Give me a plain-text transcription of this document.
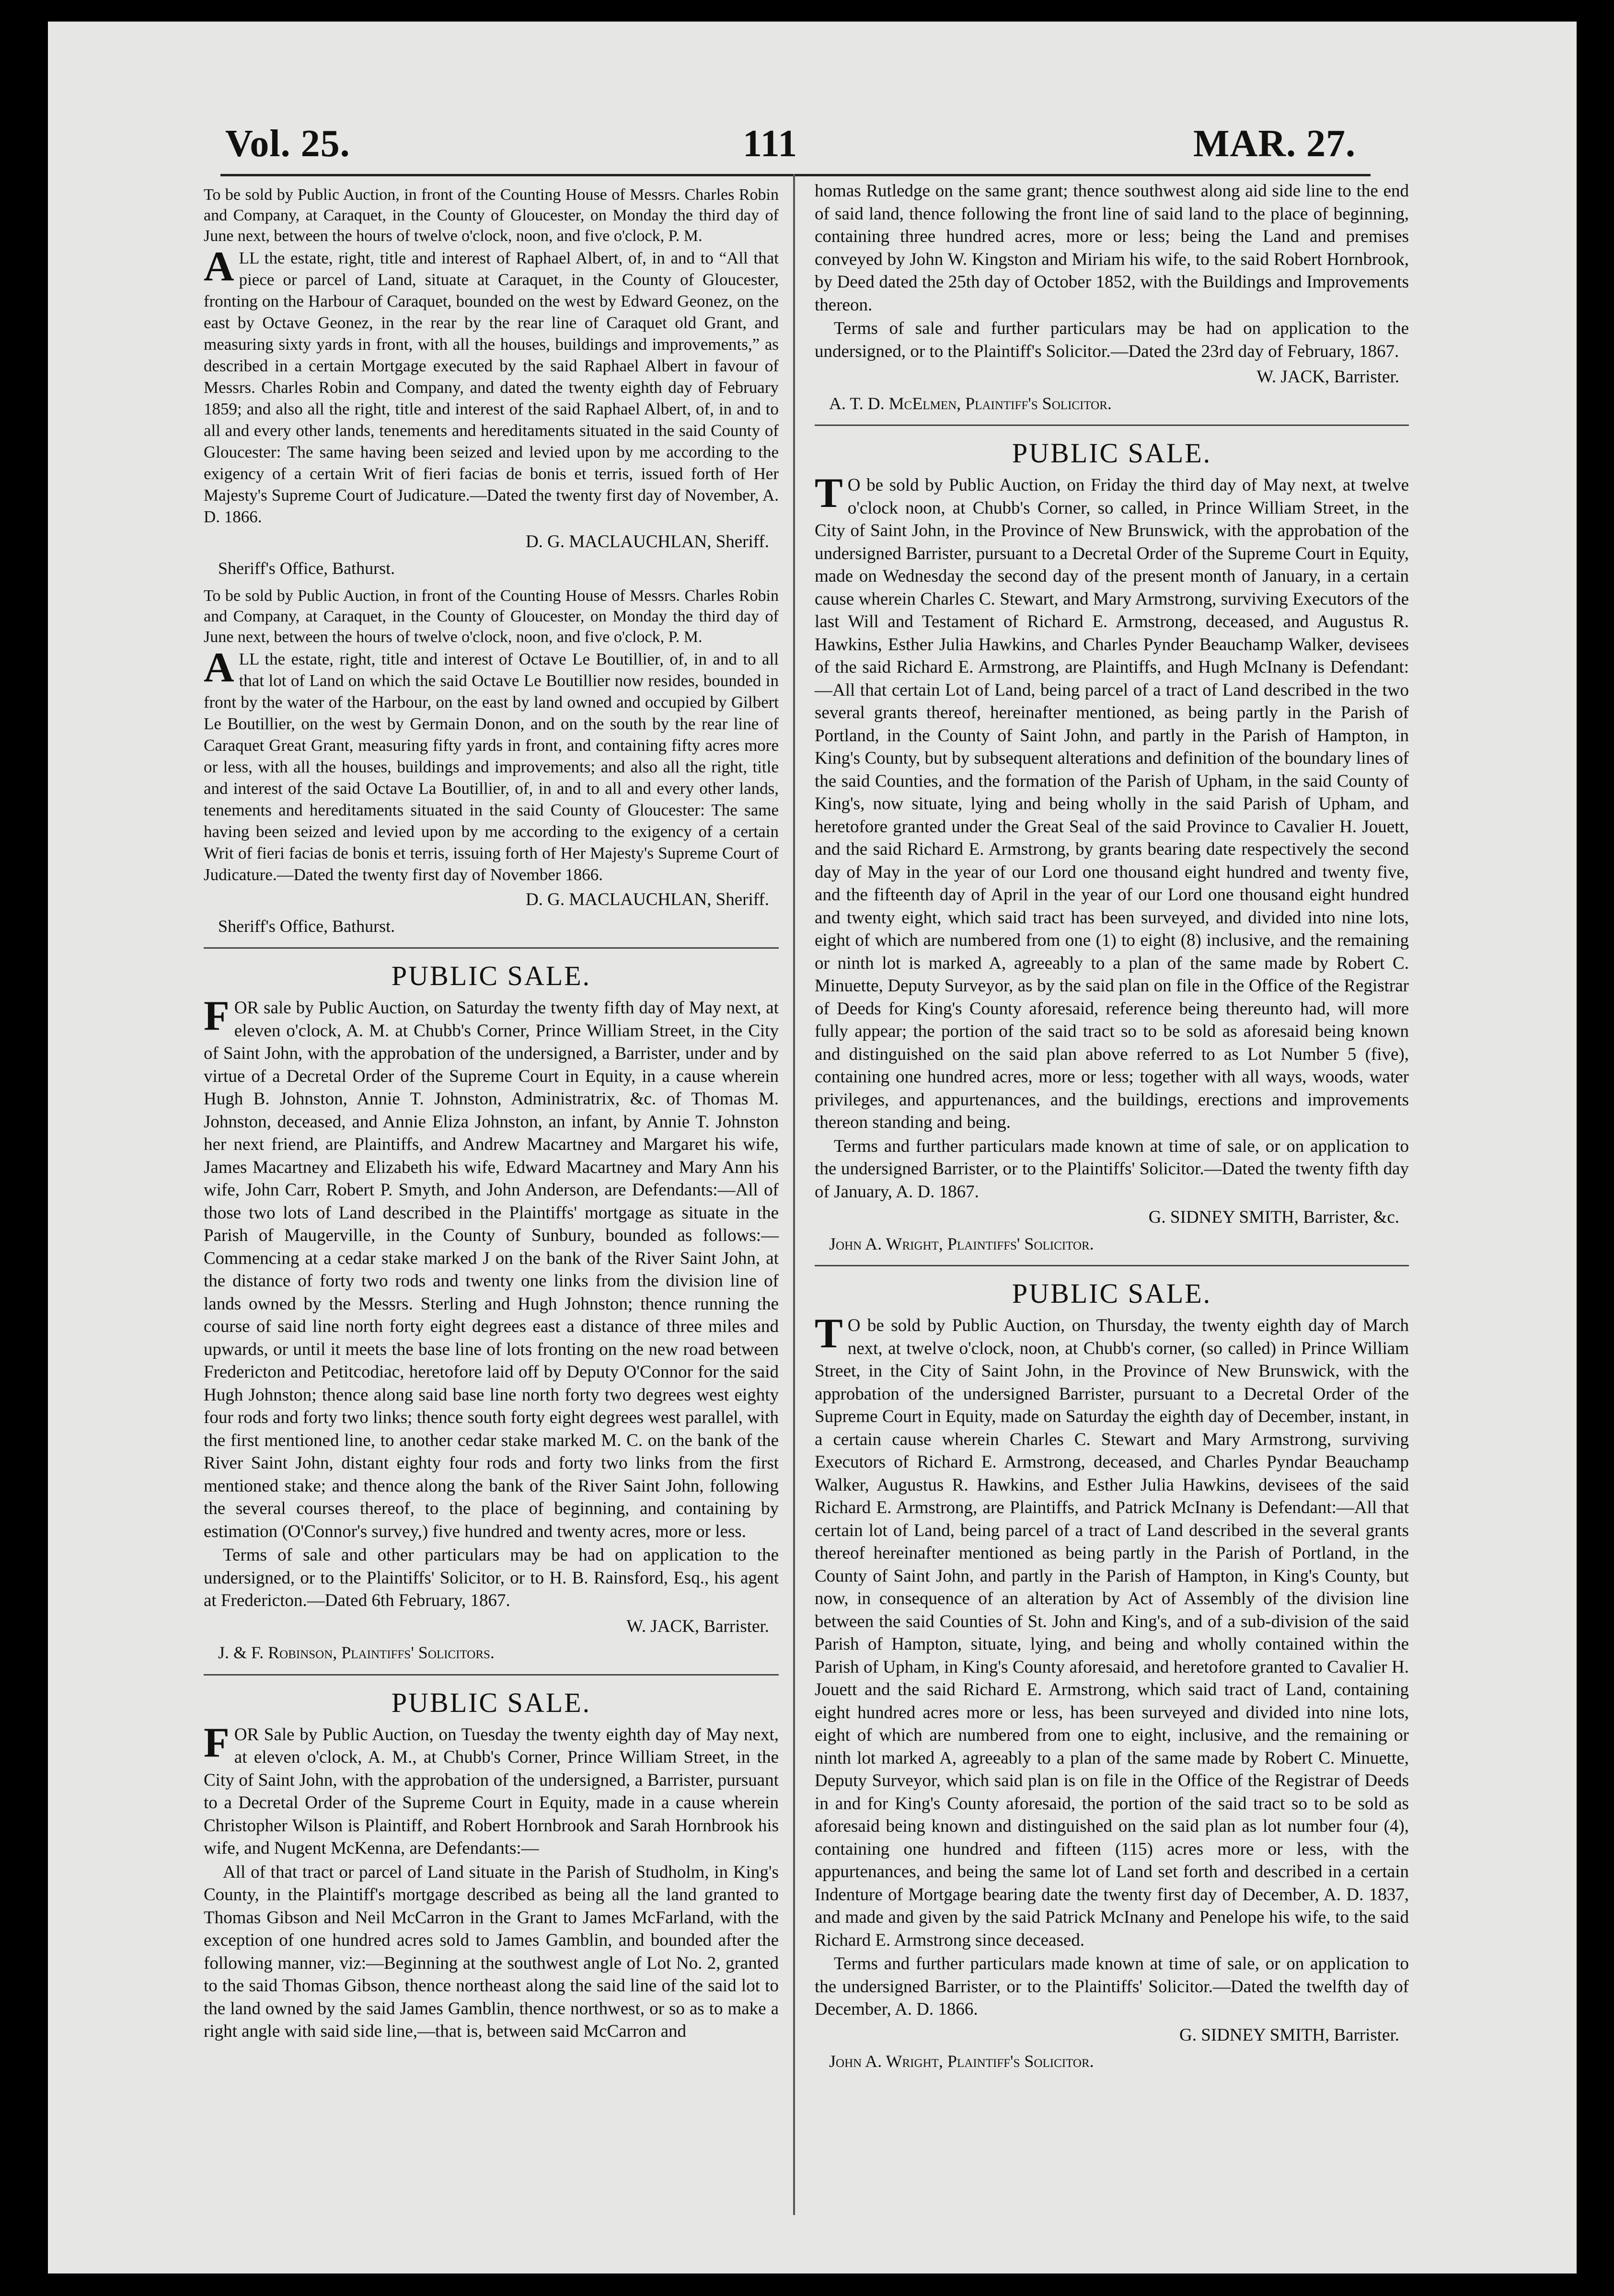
Vol. 25.	111	MAR. 27.

To be sold by Public Auction, in front of the Counting House of Messrs. Charles Robin and Company, at Caraquet, in the County of Gloucester, on Monday the third day of June next, between the hours of twelve o'clock, noon, and five o'clock, P. M.

ALL the estate, right, title and interest of Raphael Albert, of, in and to “All that piece or parcel of Land, situate at Caraquet, in the County of Gloucester, fronting on the Harbour of Caraquet, bounded on the west by Edward Geonez, on the east by Octave Geonez, in the rear by the rear line of Caraquet old Grant, and measuring sixty yards in front, with all the houses, buildings and improvements,” as described in a certain Mortgage executed by the said Raphael Albert in favour of Messrs. Charles Robin and Company, and dated the twenty eighth day of February 1859; and also all the right, title and interest of the said Raphael Albert, of, in and to all and every other lands, tenements and hereditaments situated in the said County of Gloucester: The same having been seized and levied upon by me according to the exigency of a certain Writ of fieri facias de bonis et terris, issued forth of Her Majesty's Supreme Court of Judicature.—Dated the twenty first day of November, A. D. 1866.

D. G. MACLAUCHLAN, Sheriff.
Sheriff's Office, Bathurst.

To be sold by Public Auction, in front of the Counting House of Messrs. Charles Robin and Company, at Caraquet, in the County of Gloucester, on Monday the third day of June next, between the hours of twelve o'clock, noon, and five o'clock, P. M.

ALL the estate, right, title and interest of Octave Le Boutillier, of, in and to all that lot of Land on which the said Octave Le Boutillier now resides, bounded in front by the water of the Harbour, on the east by land owned and occupied by Gilbert Le Boutillier, on the west by Germain Donon, and on the south by the rear line of Caraquet Great Grant, measuring fifty yards in front, and containing fifty acres more or less, with all the houses, buildings and improvements; and also all the right, title and interest of the said Octave La Boutillier, of, in and to all and every other lands, tenements and hereditaments situated in the said County of Gloucester: The same having been seized and levied upon by me according to the exigency of a certain Writ of fieri facias de bonis et terris, issuing forth of Her Majesty's Supreme Court of Judicature.—Dated the twenty first day of November 1866.

D. G. MACLAUCHLAN, Sheriff.
Sheriff's Office, Bathurst.
PUBLIC SALE.

FOR sale by Public Auction, on Saturday the twenty fifth day of May next, at eleven o'clock, A. M. at Chubb's Corner, Prince William Street, in the City of Saint John, with the approbation of the undersigned, a Barrister, under and by virtue of a Decretal Order of the Supreme Court in Equity, in a cause wherein Hugh B. Johnston, Annie T. Johnston, Administratrix, &c. of Thomas M. Johnston, deceased, and Annie Eliza Johnston, an infant, by Annie T. Johnston her next friend, are Plaintiffs, and Andrew Macartney and Margaret his wife, James Macartney and Elizabeth his wife, Edward Macartney and Mary Ann his wife, John Carr, Robert P. Smyth, and John Anderson, are Defendants:—All of those two lots of Land described in the Plaintiffs' mortgage as situate in the Parish of Maugerville, in the County of Sunbury, bounded as follows:—Commencing at a cedar stake marked J on the bank of the River Saint John, at the distance of forty two rods and twenty one links from the division line of lands owned by the Messrs. Sterling and Hugh Johnston; thence running the course of said line north forty eight degrees east a distance of three miles and upwards, or until it meets the base line of lots fronting on the new road between Fredericton and Petitcodiac, heretofore laid off by Deputy O'Connor for the said Hugh Johnston; thence along said base line north forty two degrees west eighty four rods and forty two links; thence south forty eight degrees west parallel, with the first mentioned line, to another cedar stake marked M. C. on the bank of the River Saint John, distant eighty four rods and forty two links from the first mentioned stake; and thence along the bank of the River Saint John, following the several courses thereof, to the place of beginning, and containing by estimation (O'Connor's survey,) five hundred and twenty acres, more or less.

Terms of sale and other particulars may be had on application to the undersigned, or to the Plaintiffs' Solicitor, or to H. B. Rainsford, Esq., his agent at Fredericton.—Dated 6th February, 1867.

W. JACK, Barrister.
J. & F. Robinson, Plaintiffs' Solicitors.
PUBLIC SALE.

FOR Sale by Public Auction, on Tuesday the twenty eighth day of May next, at eleven o'clock, A. M., at Chubb's Corner, Prince William Street, in the City of Saint John, with the approbation of the undersigned, a Barrister, pursuant to a Decretal Order of the Supreme Court in Equity, made in a cause wherein Christopher Wilson is Plaintiff, and Robert Hornbrook and Sarah Hornbrook his wife, and Nugent McKenna, are Defendants:—

All of that tract or parcel of Land situate in the Parish of Studholm, in King's County, in the Plaintiff's mortgage described as being all the land granted to Thomas Gibson and Neil McCarron in the Grant to James McFarland, with the exception of one hundred acres sold to James Gamblin, and bounded after the following manner, viz:—Beginning at the southwest angle of Lot No. 2, granted to the said Thomas Gibson, thence northeast along the said line of the said lot to the land owned by the said James Gamblin, thence northwest, or so as to make a right angle with said side line,—that is, between said McCarron and

homas Rutledge on the same grant; thence southwest along aid side line to the end of said land, thence following the front line of said land to the place of beginning, containing three hundred acres, more or less; being the Land and premises conveyed by John W. Kingston and Miriam his wife, to the said Robert Hornbrook, by Deed dated the 25th day of October 1852, with the Buildings and Improvements thereon.

Terms of sale and further particulars may be had on application to the undersigned, or to the Plaintiff's Solicitor.—Dated the 23rd day of February, 1867.

W. JACK, Barrister.
A. T. D. McElmen, Plaintiff's Solicitor.
PUBLIC SALE.

T O be sold by Public Auction, on Friday the third day of May next, at twelve o'clock noon, at Chubb's Corner, so called, in Prince William Street, in the City of Saint John, in the Province of New Brunswick, with the approbation of the undersigned Barrister, pursuant to a Decretal Order of the Supreme Court in Equity, made on Wednesday the second day of the present month of January, in a certain cause wherein Charles C. Stewart, and Mary Armstrong, surviving Executors of the last Will and Testament of Richard E. Armstrong, deceased, and Augustus R. Hawkins, Esther Julia Hawkins, and Charles Pynder Beauchamp Walker, devisees of the said Richard E. Armstrong, are Plaintiffs, and Hugh McInany is Defendant:—All that certain Lot of Land, being parcel of a tract of Land described in the two several grants thereof, hereinafter mentioned, as being partly in the Parish of Portland, in the County of Saint John, and partly in the Parish of Hampton, in King's County, but by subsequent alterations and definition of the boundary lines of the said Counties, and the formation of the Parish of Upham, in the said County of King's, now situate, lying and being wholly in the said Parish of Upham, and heretofore granted under the Great Seal of the said Province to Cavalier H. Jouett, and the said Richard E. Armstrong, by grants bearing date respectively the second day of May in the year of our Lord one thousand eight hundred and twenty five, and the fifteenth day of April in the year of our Lord one thousand eight hundred and twenty eight, which said tract has been surveyed, and divided into nine lots, eight of which are numbered from one (1) to eight (8) inclusive, and the remaining or ninth lot is marked A, agreeably to a plan of the same made by Robert C. Minuette, Deputy Surveyor, as by the said plan on file in the Office of the Registrar of Deeds for King's County aforesaid, reference being thereunto had, will more fully appear; the portion of the said tract so to be sold as aforesaid being known and distinguished on the said plan above referred to as Lot Number 5 (five), containing one hundred acres, more or less; together with all ways, woods, water privileges, and appurtenances, and the buildings, erections and improvements thereon standing and being.

Terms and further particulars made known at time of sale, or on application to the undersigned Barrister, or to the Plaintiffs' Solicitor.—Dated the twenty fifth day of January, A. D. 1867.

G. SIDNEY SMITH, Barrister, &c.
John A. Wright, Plaintiffs' Solicitor.
PUBLIC SALE.

T O be sold by Public Auction, on Thursday, the twenty eighth day of March next, at twelve o'clock, noon, at Chubb's corner, (so called) in Prince William Street, in the City of Saint John, in the Province of New Brunswick, with the approbation of the undersigned Barrister, pursuant to a Decretal Order of the Supreme Court in Equity, made on Saturday the eighth day of December, instant, in a certain cause wherein Charles C. Stewart and Mary Armstrong, surviving Executors of Richard E. Armstrong, deceased, and Charles Pyndar Beauchamp Walker, Augustus R. Hawkins, and Esther Julia Hawkins, devisees of the said Richard E. Armstrong, are Plaintiffs, and Patrick McInany is Defendant:—All that certain lot of Land, being parcel of a tract of Land described in the several grants thereof hereinafter mentioned as being partly in the Parish of Portland, in the County of Saint John, and partly in the Parish of Hampton, in King's County, but now, in consequence of an alteration by Act of Assembly of the division line between the said Counties of St. John and King's, and of a sub-division of the said Parish of Hampton, situate, lying, and being and wholly contained within the Parish of Upham, in King's County aforesaid, and heretofore granted to Cavalier H. Jouett and the said Richard E. Armstrong, which said tract of Land, containing eight hundred acres more or less, has been surveyed and divided into nine lots, eight of which are numbered from one to eight, inclusive, and the remaining or ninth lot marked A, agreeably to a plan of the same made by Robert C. Minuette, Deputy Surveyor, which said plan is on file in the Office of the Registrar of Deeds in and for King's County aforesaid, the portion of the said tract so to be sold as aforesaid being known and distinguished on the said plan as lot number four (4), containing one hundred and fifteen (115) acres more or less, with the appurtenances, and being the same lot of Land set forth and described in a certain Indenture of Mortgage bearing date the twenty first day of December, A. D. 1837, and made and given by the said Patrick McInany and Penelope his wife, to the said Richard E. Armstrong since deceased.

Terms and further particulars made known at time of sale, or on application to the undersigned Barrister, or to the Plaintiffs' Solicitor.—Dated the twelfth day of December, A. D. 1866.

G. SIDNEY SMITH, Barrister.
John A. Wright, Plaintiff's Solicitor.
